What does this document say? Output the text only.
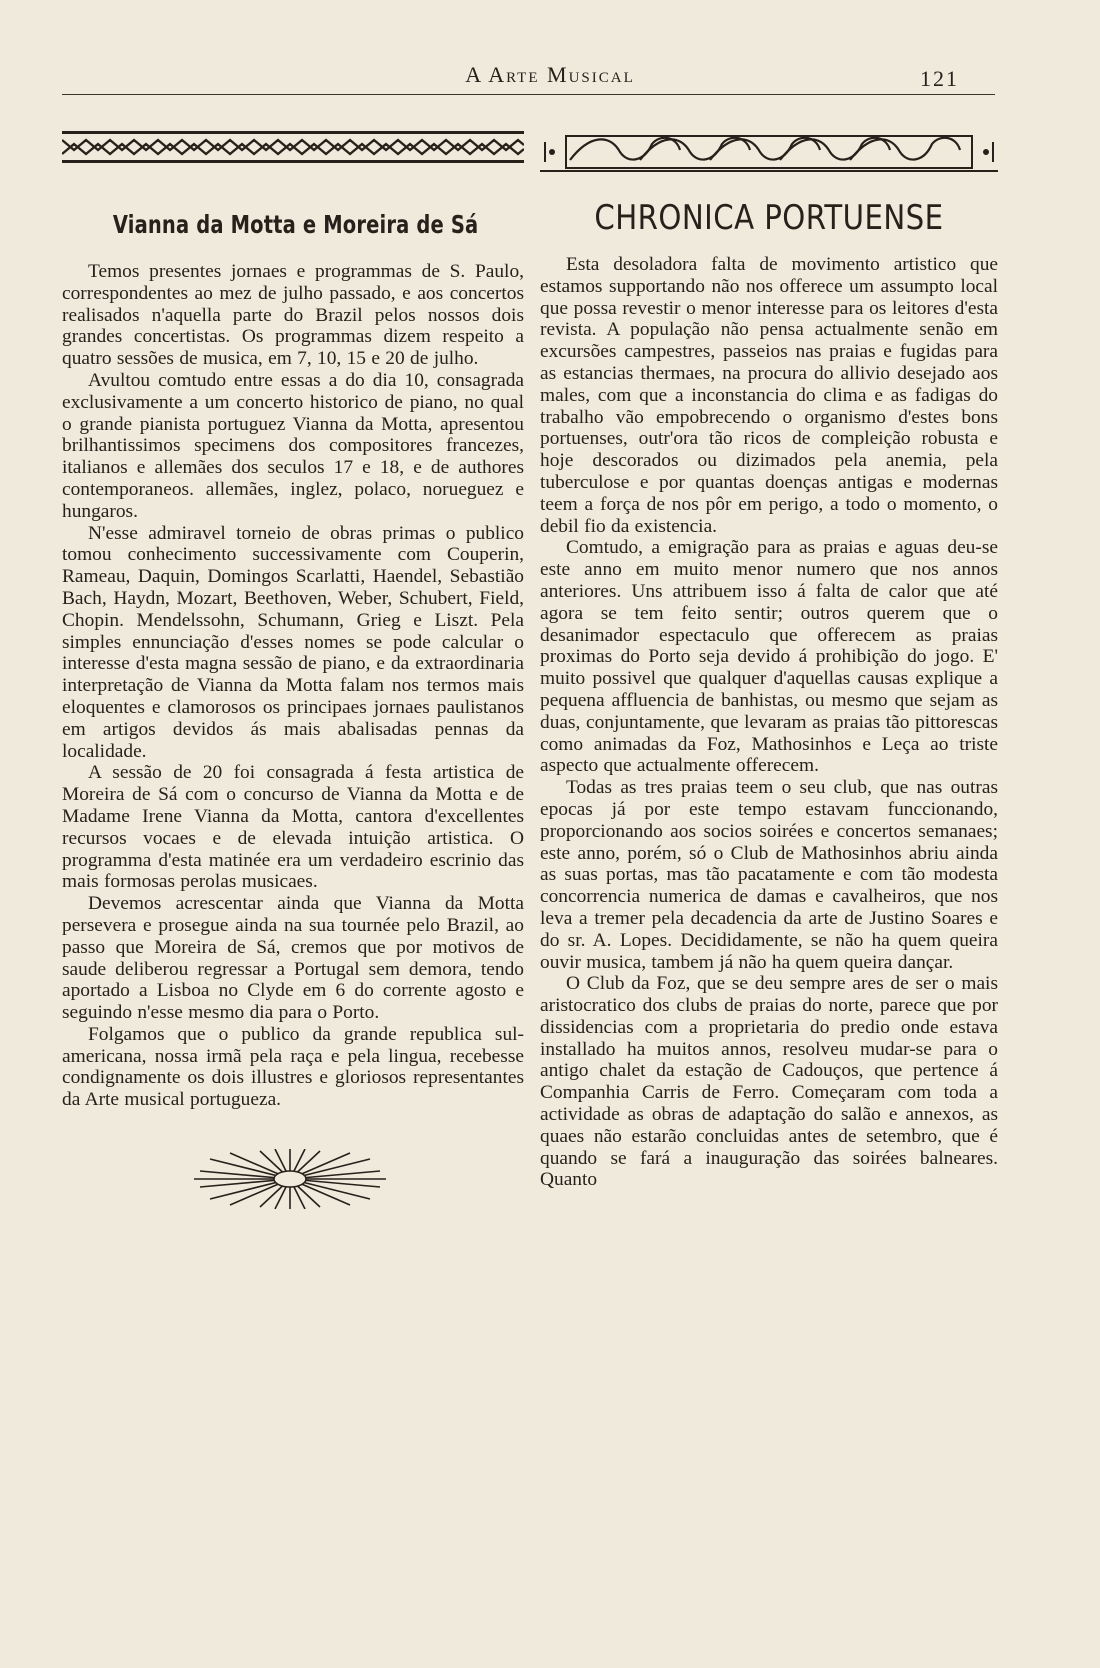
A Arte Musical	121
Vianna da Motta e Moreira de Sá

Temos presentes jornaes e programmas de S. Paulo, correspondentes ao mez de julho passado, e aos concertos realisados n'aquella parte do Brazil pelos nossos dois grandes concertistas. Os programmas dizem respeito a quatro sessões de musica, em 7, 10, 15 e 20 de julho.

Avultou comtudo entre essas a do dia 10, consagrada exclusivamente a um concerto historico de piano, no qual o grande pianista portuguez Vianna da Motta, apresentou brilhantissimos specimens dos compositores francezes, italianos e allemães dos seculos 17 e 18, e de authores contemporaneos. allemães, inglez, polaco, norueguez e hungaros.

N'esse admiravel torneio de obras primas o publico tomou conhecimento successivamente com Couperin, Rameau, Daquin, Domingos Scarlatti, Haendel, Sebastião Bach, Haydn, Mozart, Beethoven, Weber, Schubert, Field, Chopin. Mendelssohn, Schumann, Grieg e Liszt. Pela simples ennunciação d'esses nomes se pode calcular o interesse d'esta magna sessão de piano, e da extraordinaria interpretação de Vianna da Motta falam nos termos mais eloquentes e clamorosos os principaes jornaes paulistanos em artigos devidos ás mais abalisadas pennas da localidade.

A sessão de 20 foi consagrada á festa artistica de Moreira de Sá com o concurso de Vianna da Motta e de Madame Irene Vianna da Motta, cantora d'excellentes recursos vocaes e de elevada intuição artistica. O programma d'esta matinée era um verdadeiro escrinio das mais formosas perolas musicaes.

Devemos acrescentar ainda que Vianna da Motta persevera e prosegue ainda na sua tournée pelo Brazil, ao passo que Moreira de Sá, cremos que por motivos de saude deliberou regressar a Portugal sem demora, tendo aportado a Lisboa no Clyde em 6 do corrente agosto e seguindo n'esse mesmo dia para o Porto.

Folgamos que o publico da grande republica sul-americana, nossa irmã pela raça e pela lingua, recebesse condignamente os dois illustres e gloriosos representantes da Arte musical portugueza.

CHRONICA PORTUENSE

Esta desoladora falta de movimento artistico que estamos supportando não nos offerece um assumpto local que possa revestir o menor interesse para os leitores d'esta revista. A população não pensa actualmente senão em excursões campestres, passeios nas praias e fugidas para as estancias thermaes, na procura do allivio desejado aos males, com que a inconstancia do clima e as fadigas do trabalho vão empobrecendo o organismo d'estes bons portuenses, outr'ora tão ricos de compleição robusta e hoje descorados ou dizimados pela anemia, pela tuberculose e por quantas doenças antigas e modernas teem a força de nos pôr em perigo, a todo o momento, o debil fio da existencia.

Comtudo, a emigração para as praias e aguas deu-se este anno em muito menor numero que nos annos anteriores. Uns attribuem isso á falta de calor que até agora se tem feito sentir; outros querem que o desanimador espectaculo que offerecem as praias proximas do Porto seja devido á prohibição do jogo. E' muito possivel que qualquer d'aquellas causas explique a pequena affluencia de banhistas, ou mesmo que sejam as duas, conjuntamente, que levaram as praias tão pittorescas como animadas da Foz, Mathosinhos e Leça ao triste aspecto que actualmente offerecem.

Todas as tres praias teem o seu club, que nas outras epocas já por este tempo estavam funccionando, proporcionando aos socios soirées e concertos semanaes; este anno, porém, só o Club de Mathosinhos abriu ainda as suas portas, mas tão pacatamente e com tão modesta concorrencia numerica de damas e cavalheiros, que nos leva a tremer pela decadencia da arte de Justino Soares e do sr. A. Lopes. Decididamente, se não ha quem queira ouvir musica, tambem já não ha quem queira dançar.

O Club da Foz, que se deu sempre ares de ser o mais aristocratico dos clubs de praias do norte, parece que por dissidencias com a proprietaria do predio onde estava installado ha muitos annos, resolveu mudar-se para o antigo chalet da estação de Cadouços, que pertence á Companhia Carris de Ferro. Começaram com toda a actividade as obras de adaptação do salão e annexos, as quaes não estarão concluidas antes de setembro, que é quando se fará a inauguração das soirées balneares. Quanto
